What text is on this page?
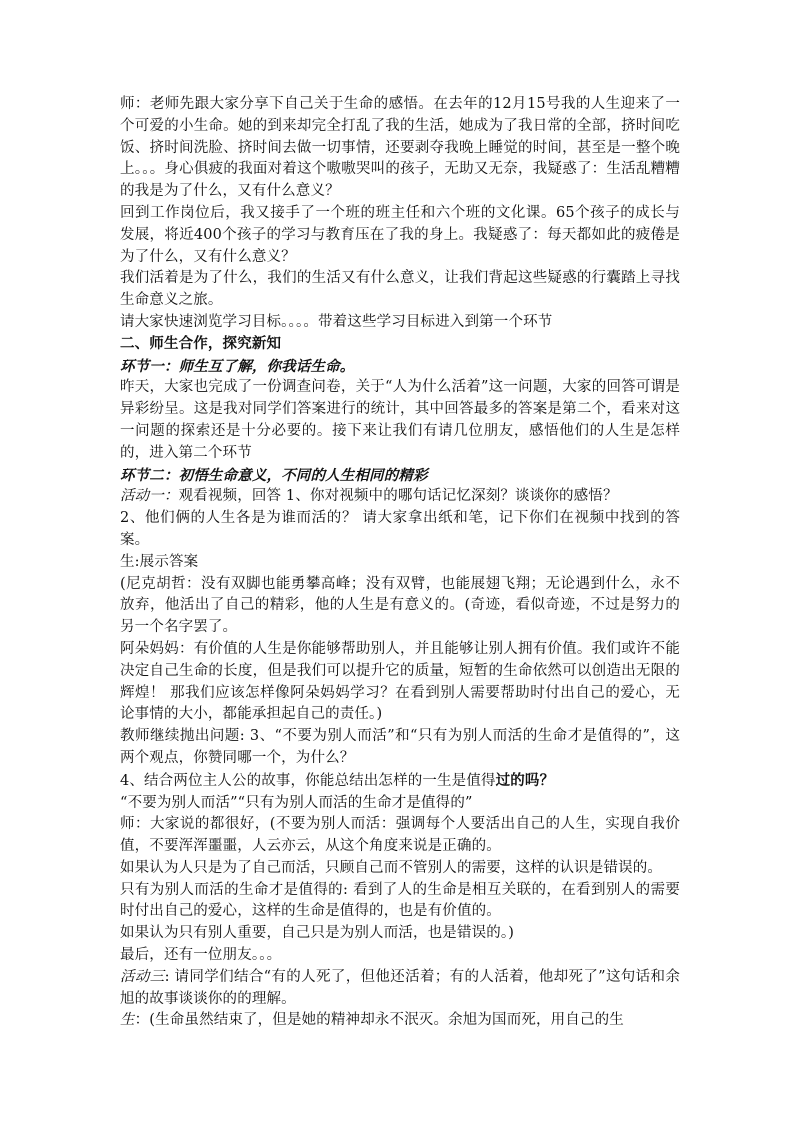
师：老师先跟大家分享下自己关于生命的感悟。在去年的12月15号我的人生迎来了一个可爱的小生命。她的到来却完全打乱了我的生活，她成为了我日常的全部，挤时间吃饭、挤时间洗脸、挤时间去做一切事情，还要剥夺我晚上睡觉的时间，甚至是一整个晚上。。。身心俱疲的我面对着这个嗷嗷哭叫的孩子，无助又无奈，我疑惑了：生活乱糟糟的我是为了什么，又有什么意义？

回到工作岗位后，我又接手了一个班的班主任和六个班的文化课。65个孩子的成长与发展，将近400个孩子的学习与教育压在了我的身上。我疑惑了：每天都如此的疲倦是为了什么，又有什么意义？

我们活着是为了什么，我们的生活又有什么意义，让我们背起这些疑惑的行囊踏上寻找生命意义之旅。

请大家快速浏览学习目标。。。。带着这些学习目标进入到第一个环节

二、师生合作，探究新知

环节一：师生互了解，你我话生命。

昨天，大家也完成了一份调查问卷，关于“人为什么活着”这一问题，大家的回答可谓是异彩纷呈。这是我对同学们答案进行的统计，其中回答最多的答案是第二个，看来对这一问题的探索还是十分必要的。接下来让我们有请几位朋友，感悟他们的人生是怎样的，进入第二个环节

环节二：初悟生命意义，不同的人生相同的精彩

活动一：观看视频，回答 1、你对视频中的哪句话记忆深刻？谈谈你的感悟？

2、他们俩的人生各是为谁而活的？ 请大家拿出纸和笔，记下你们在视频中找到的答案。

生:展示答案

(尼克胡哲：没有双脚也能勇攀高峰；没有双臂，也能展翅飞翔；无论遇到什么，永不放弃，他活出了自己的精彩，他的人生是有意义的。(奇迹，看似奇迹，不过是努力的另一个名字罢了。

阿朵妈妈：有价值的人生是你能够帮助别人，并且能够让别人拥有价值。我们或许不能决定自己生命的长度，但是我们可以提升它的质量，短暂的生命依然可以创造出无限的辉煌！ 那我们应该怎样像阿朵妈妈学习？在看到别人需要帮助时付出自己的爱心，无论事情的大小，都能承担起自己的责任。)

教师继续抛出问题: 3、“不要为别人而活”和“只有为别人而活的生命才是值得的”，这两个观点，你赞同哪一个，为什么？

4、结合两位主人公的故事，你能总结出怎样的一生是值得过的吗？

“不要为别人而活”“只有为别人而活的生命才是值得的”

师：大家说的都很好，(不要为别人而活：强调每个人要活出自己的人生，实现自我价值，不要浑浑噩噩，人云亦云，从这个角度来说是正确的。

如果认为人只是为了自己而活，只顾自己而不管别人的需要，这样的认识是错误的。

只有为别人而活的生命才是值得的: 看到了人的生命是相互关联的，在看到别人的需要时付出自己的爱心，这样的生命是值得的，也是有价值的。

如果认为只有别人重要，自己只是为别人而活，也是错误的。)

最后，还有一位朋友。。。

活动三: 请同学们结合“有的人死了，但他还活着；有的人活着，他却死了”这句话和余旭的故事谈谈你的的理解。

生：(生命虽然结束了，但是她的精神却永不泯灭。余旭为国而死，用自己的生
